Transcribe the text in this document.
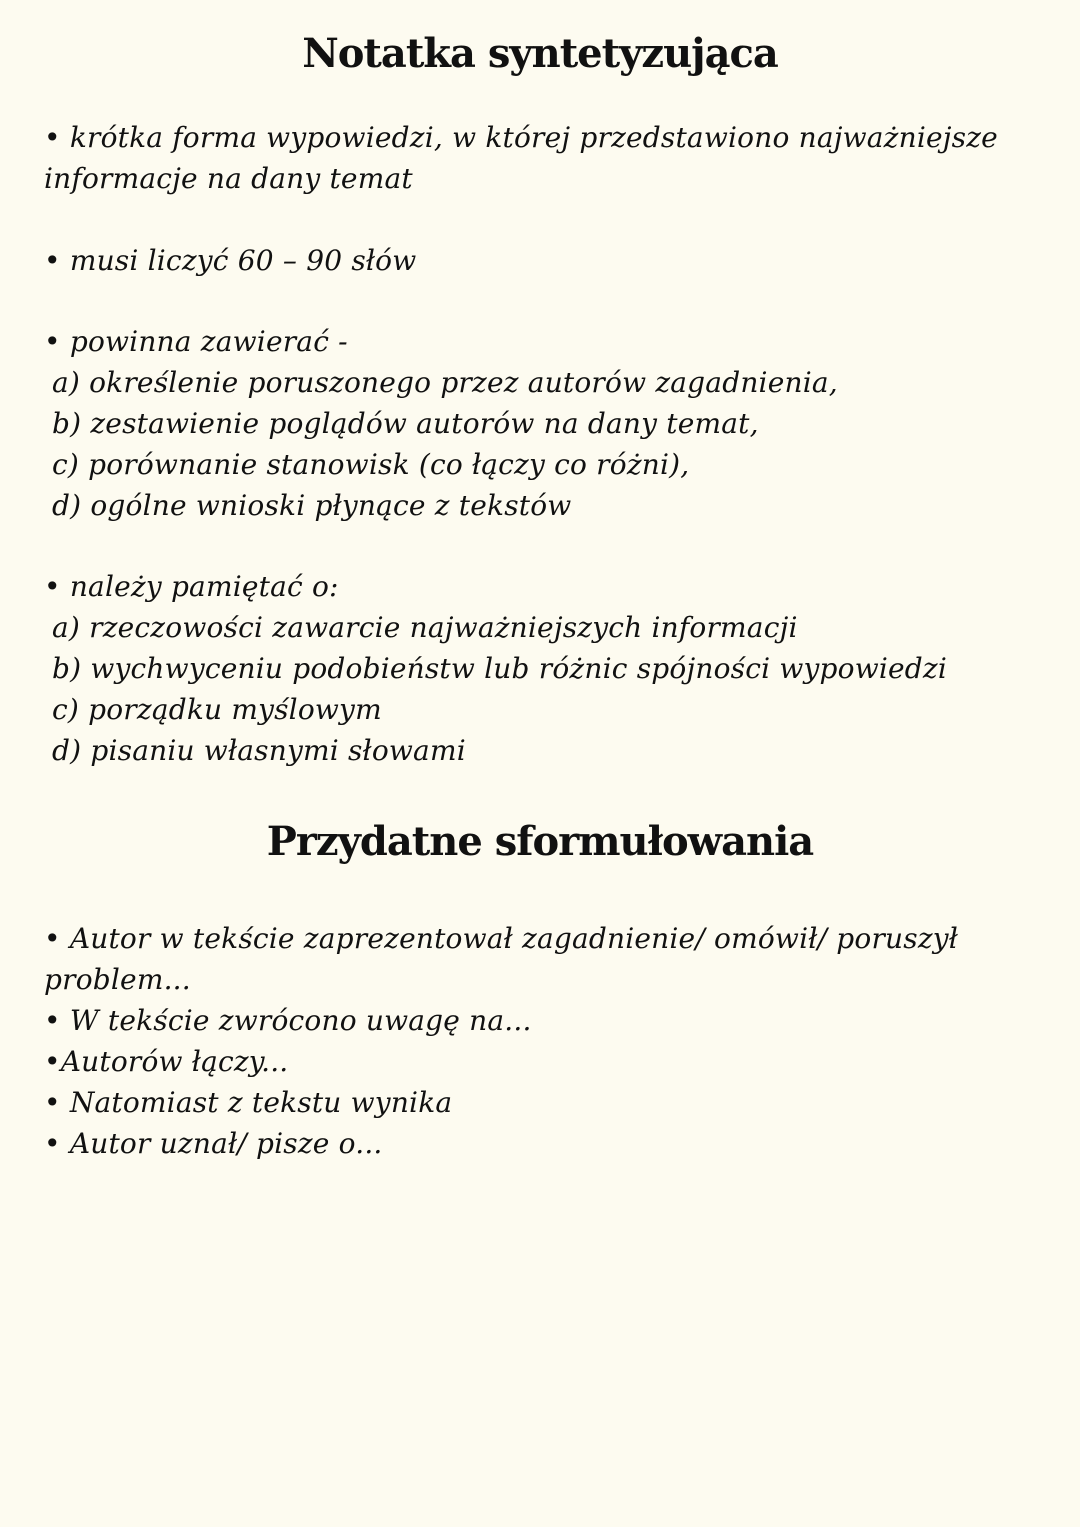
Notatka syntetyzująca
• krótka forma wypowiedzi, w której przedstawiono najważniejsze
informacje na dany temat
• musi liczyć 60 – 90 słów
• powinna zawierać -
a) określenie poruszonego przez autorów zagadnienia,
b) zestawienie poglądów autorów na dany temat,
c) porównanie stanowisk (co łączy co różni),
d) ogólne wnioski płynące z tekstów
• należy pamiętać o:
a) rzeczowości zawarcie najważniejszych informacji
b) wychwyceniu podobieństw lub różnic spójności wypowiedzi
c) porządku myślowym
d) pisaniu własnymi słowami
Przydatne sformułowania
• Autor w tekście zaprezentował zagadnienie/ omówił/ poruszył
problem...
• W tekście zwrócono uwagę na...
•Autorów łączy...
• Natomiast z tekstu wynika
• Autor uznał/ pisze o...
